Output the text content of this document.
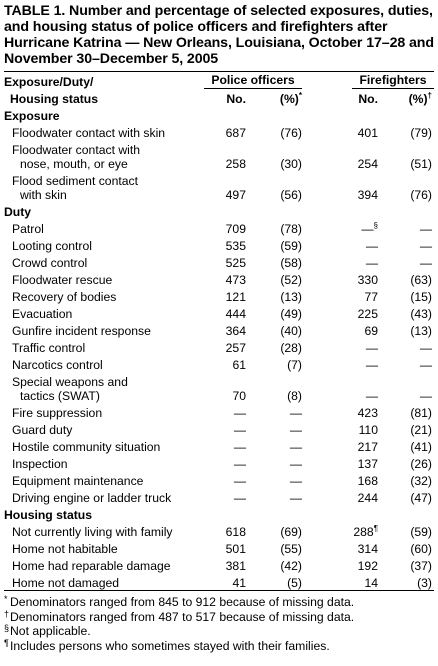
TABLE 1. Number and percentage of selected exposures, duties, and housing status of police officers and firefighters after Hurricane Katrina — New Orleans, Louisiana, October 17–28 and November 30–December 5, 2005
Exposure/Duty/	Police officers			Firefighters	

Housing status	No.	(%)*		No.	(%)†
Exposure					

Floodwater contact with skin	687	(76)		401	(79)

Floodwater contact with
nose, mouth, or eye	258	(30)		254	(51)

Flood sediment contact
with skin	497	(56)		394	(76)
Duty					

Patrol	709	(78)		—§	—

Looting control	535	(59)		—	—

Crowd control	525	(58)		—	—

Floodwater rescue	473	(52)		330	(63)

Recovery of bodies	121	(13)		77	(15)

Evacuation	444	(49)		225	(43)

Gunfire incident response	364	(40)		69	(13)

Traffic control	257	(28)		—	—

Narcotics control	61	(7)		—	—

Special weapons and
tactics (SWAT)	70	(8)		—	—

Fire suppression	—	—		423	(81)

Guard duty	—	—		110	(21)

Hostile community situation	—	—		217	(41)

Inspection	—	—		137	(26)

Equipment maintenance	—	—		168	(32)

Driving engine or ladder truck	—	—		244	(47)
Housing status					

Not currently living with family	618	(69)		288¶	(59)

Home not habitable	501	(55)		314	(60)

Home had reparable damage	381	(42)		192	(37)

Home not damaged	41	(5)		14	(3)
* Denominators ranged from 845 to 912 because of missing data.
† Denominators ranged from 487 to 517 because of missing data.
§ Not applicable.
¶ Includes persons who sometimes stayed with their families.
